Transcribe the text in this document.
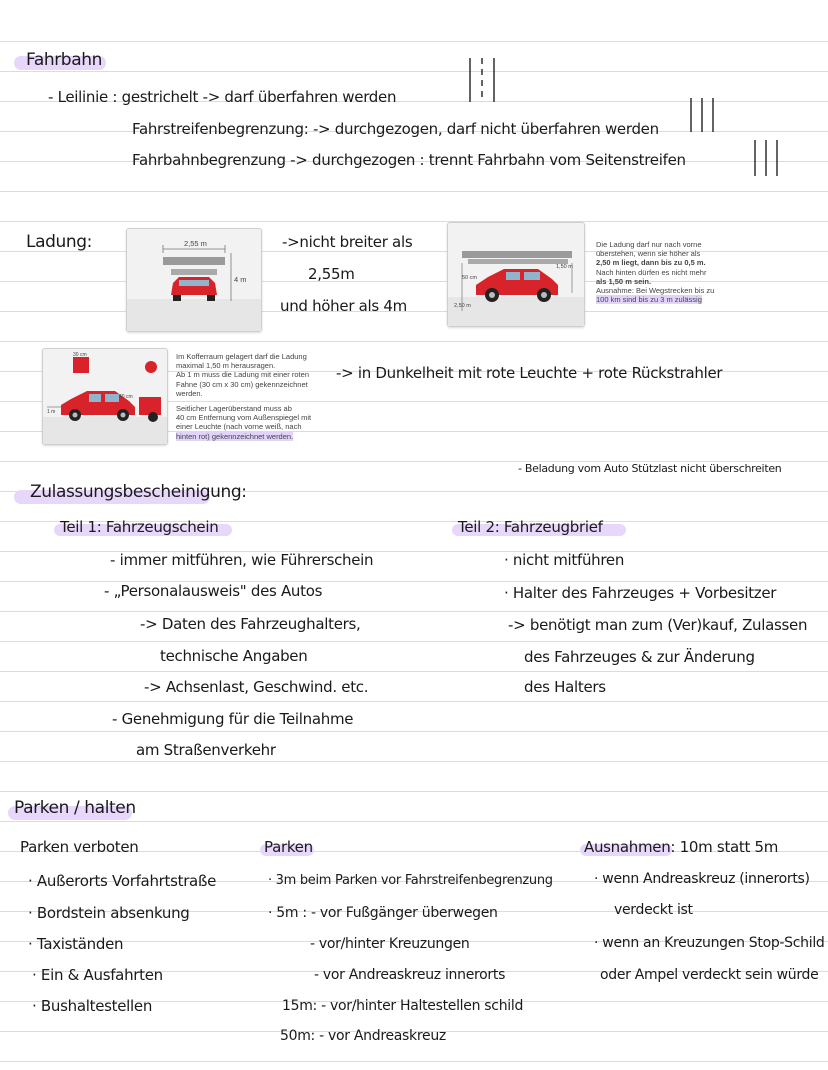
Fahrbahn
- Leilinie : gestrichelt -> darf überfahren werden
Fahrstreifenbegrenzung: -> durchgezogen, darf nicht überfahren werden
Fahrbahnbegrenzung -> durchgezogen : trennt Fahrbahn vom Seitenstreifen
Ladung:	2,55 m
4 m
->nicht breiter als
2,55m
und höher als 4m
50 cm
1,50 m
2,50 m
Die Ladung darf nur nach vorne
überstehen, wenn sie höher als
2,50 m liegt, dann bis zu 0,5 m.
Nach hinten dürfen es nicht mehr
als 1,50 m sein.
Ausnahme: Bei Wegstrecken bis zu
100 km sind bis zu 3 m zulässig
30 cm
40 cm
1 m
Im Kofferraum gelagert darf die Ladung
maximal 1,50 m herausragen.
Ab 1 m muss die Ladung mit einer roten
Fahne (30 cm x 30 cm) gekennzeichnet
werden.
Seitlicher Lagerüberstand muss ab
40 cm Entfernung vom Außenspiegel mit
einer Leuchte (nach vorne weiß, nach
hinten rot) gekennzeichnet werden.
-> in Dunkelheit mit rote Leuchte + rote Rückstrahler
- Beladung vom Auto Stützlast nicht überschreiten
Zulassungsbescheinigung:
Teil 1: Fahrzeugschein
- immer mitführen, wie Führerschein
- „Personalausweis" des Autos
-> Daten des Fahrzeughalters,
technische Angaben
-> Achsenlast, Geschwind. etc.
- Genehmigung für die Teilnahme
am Straßenverkehr
Teil 2: Fahrzeugbrief
· nicht mitführen
· Halter des Fahrzeuges + Vorbesitzer
-> benötigt man zum (Ver)kauf, Zulassen
des Fahrzeuges & zur Änderung
des Halters
Parken / halten
Parken verboten
· Außerorts Vorfahrtstraße
· Bordstein absenkung
· Taxiständen
· Ein & Ausfahrten
· Bushaltestellen
Parken
· 3m beim Parken vor Fahrstreifenbegrenzung
· 5m : - vor Fußgänger überwegen
- vor/hinter Kreuzungen
- vor Andreaskreuz innerorts
15m: - vor/hinter Haltestellen schild
50m: - vor Andreaskreuz
Ausnahmen: 10m statt 5m
· wenn Andreaskreuz (innerorts)
verdeckt ist
· wenn an Kreuzungen Stop-Schild
oder Ampel verdeckt sein würde
